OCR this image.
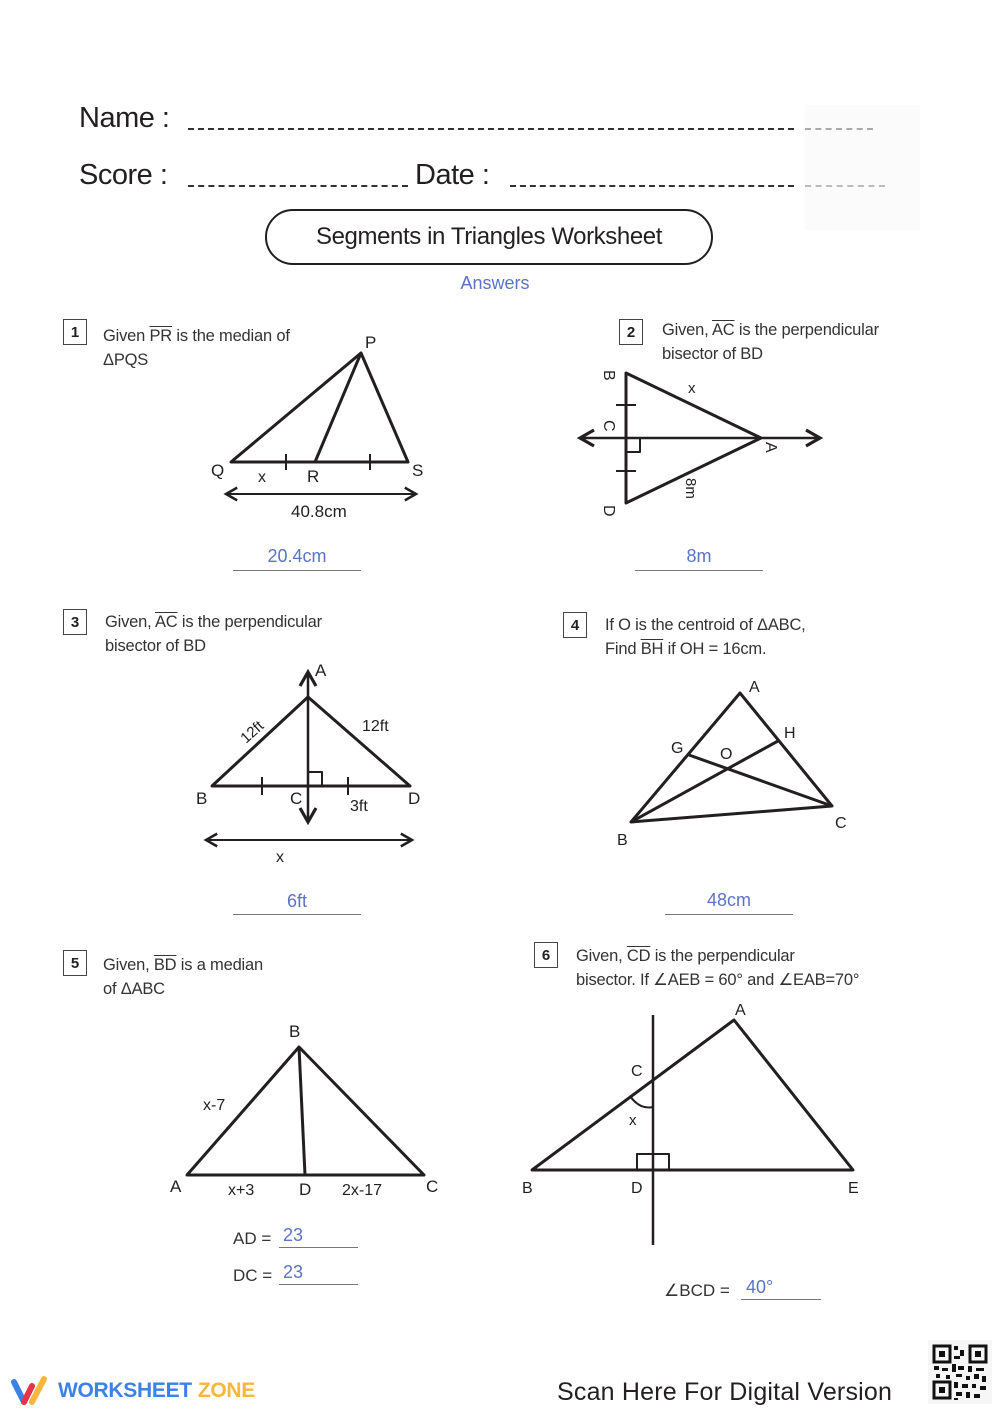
Name :
Score :	Date :
Segments in Triangles Worksheet
Answers
1	Given $\overline{PR}$ is the median of
ΔPQS
20.4cm
2	Given, $\overline{AC}$ is the perpendicular
bisector of BD
8m
3	Given, $\overline{AC}$ is the perpendicular
bisector of BD
6ft
4	If O is the centroid of ΔABC,
Find $\overline{BH}$ if OH = 16cm.
48cm
5	Given, $\overline{BD}$ is a median
of ΔABC
AD = 23
DC = 23
6	Given, $\overline{CD}$ is the perpendicular
bisector. If ∠AEB = 60° and ∠EAB=70°
∠BCD = 40°
P
Q	R	S
x
40.8cm
B
C
D
A
x
8m
A
B	C	D
12ft	12ft
3ft
x
A
B
C
G
H
O
B
A	D	C
x-7
x+3	2x-17
A
B
C
D	E
x
WORKSHEET ZONE	Scan Here For Digital Version
